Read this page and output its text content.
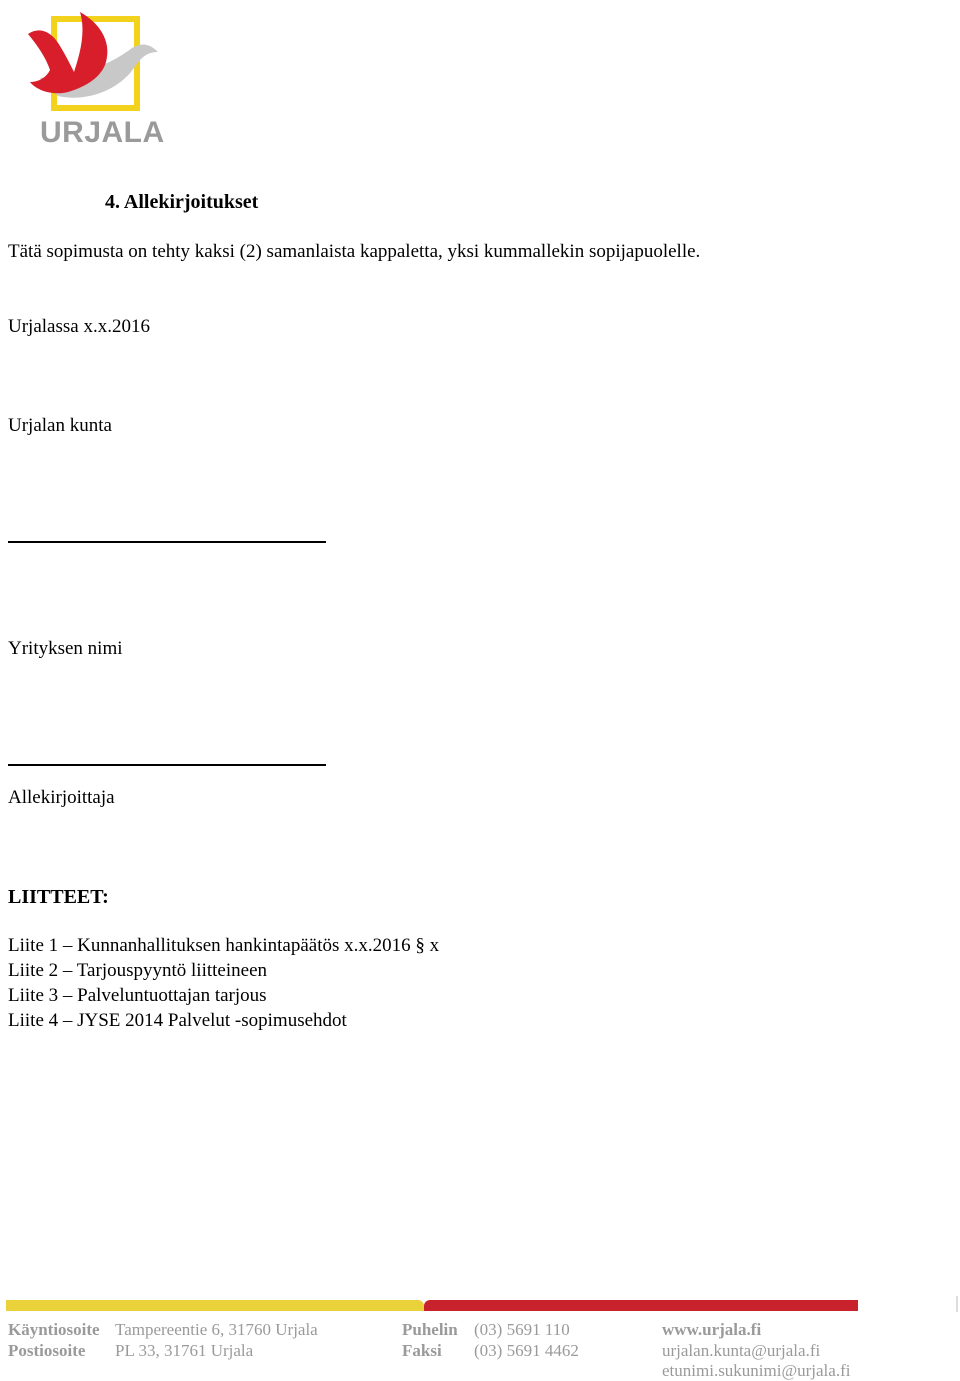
URJALA
4. Allekirjoitukset
Tätä sopimusta on tehty kaksi (2) samanlaista kappaletta, yksi kummallekin sopijapuolelle.
Urjalassa x.x.2016
Urjalan kunta
Yrityksen nimi
Allekirjoittaja
LIITTEET:
Liite 1 – Kunnanhallituksen hankintapäätös x.x.2016 § x
Liite 2 – Tarjouspyyntö liitteineen
Liite 3 – Palveluntuottajan tarjous
Liite 4 – JYSE 2014 Palvelut -sopimusehdot
Käyntiosoite Tampereentie 6, 31760 Urjala
Postiosoite PL 33, 31761 Urjala
Puhelin (03) 5691 110
Faksi (03) 5691 4462
www.urjala.fi
urjalan.kunta@urjala.fi
etunimi.sukunimi@urjala.fi
